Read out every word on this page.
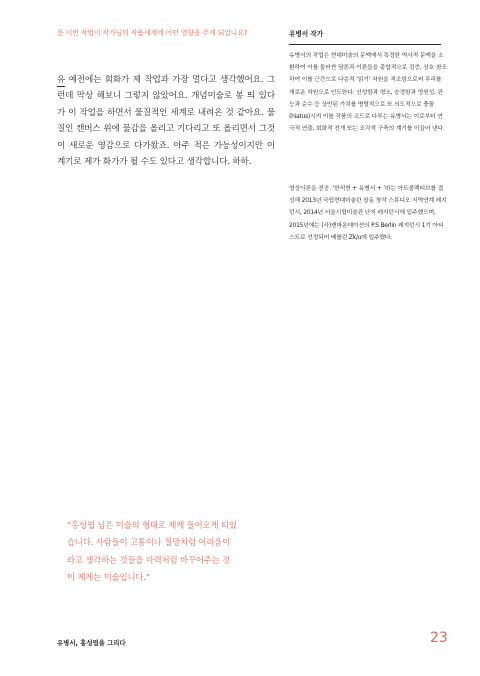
문 이번 작업이 작가님의 작품세계에 어떤 영향을 주게 되었나요?

유 예전에는 회화가 제 작업과 가장 멀다고 생각했어요. 그런데 막상 해보니 그렇지 않았어요. 개념미술로 봉 띄 있다가 이 작업을 하면서 물질적인 세계로 내려온 것 같아요. 물질인 캔버스 위에 물감을 올리고 기다리고 또 올리면서 그것이 새로운 영감으로 다가왔죠. 아주 적은 가능성이지만 이 계기로 제가 화가가 될 수도 있다고 생각합니다. 하하.

유병서 작가

유병서의 작업은 현대미술의 문맥에서 특정한 역사적 문맥을 소환하여 이를 둘러싼 담론과 이론들을 총합적으로 검증, 상호 참조하여 이를 근간으로 다층적 ‘읽기’ 차원을 적조함으로써 푸리를 새로운 차원으로 인도한다. 신성함과 형오, 숭경함과 영원성, 관능과 순수 등 상반된 가치를 병렬적으로 또 의도적으로 충돌(hiatus)시켜 이를 작품의 코드로 다루는 유병서는 이로부터 연극적 연출, 회화적 전개 또는 조각적 구축의 계기를 이끌어 낸다.

영상이론을 전공. ‘한석현 + 유병서 + ’라는 아트콜렉티브를 결성해 2013년 국립현대미술관 창동 창작 스튜디오 지역연계 레지던시, 2014년 서울시립미술관 난지 레지던시에 입주했으며, 2015년에는 (사)캔파운데이션의 P.S Berlin 레지던시 1기 아티스트로 선정되어 베를린 Zk/u에 입주했다.

“홍성엽 님은 미술의 형태로 제게 들어오게 되었습니다. 사람들이 고통이나 절망처럼 어려움이라고 생각하는 것들을 마력처럼 바꾸어주는 것이 제게는 미술입니다.”

유병서, 홍성엽을 그리다	23
